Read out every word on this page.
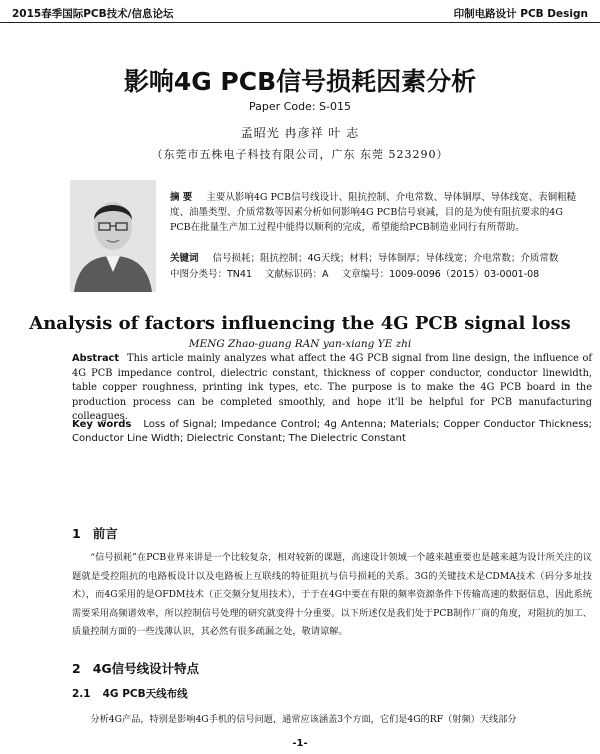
2015春季国际PCB技术/信息论坛	印制电路设计 PCB Design
影响4G PCB信号损耗因素分析
Paper Code: S-015
孟昭光 冉彦祥 叶 志
（东莞市五株电子科技有限公司，广东 东莞 523290）
摘 要 主要从影响4G PCB信号线设计、阻抗控制、介电常数、导体铜厚、导体线宽、表铜粗糙度、油墨类型、介质常数等因素分析如何影响4G PCB信号衰减，目的是为使有阻抗要求的4G PCB在批量生产加工过程中能得以顺利的完成，希望能给PCB制造业同行有所帮助。
关键词 信号损耗；阻抗控制；4G天线；材料；导体铜厚；导体线宽；介电常数；介质常数
中图分类号：TN41 文献标识码：A 文章编号：1009-0096（2015）03-0001-08
Analysis of factors influencing the 4G PCB signal loss
MENG Zhao-guang RAN yan-xiang YE zhi
Abstract This article mainly analyzes what affect the 4G PCB signal from line design, the influence of 4G PCB impedance control, dielectric constant, thickness of copper conductor, conductor linewidth, table copper roughness, printing ink types, etc. The purpose is to make the 4G PCB board in the production process can be completed smoothly, and hope it'll be helpful for PCB manufacturing colleagues.
Key words Loss of Signal; Impedance Control; 4g Antenna; Materials; Copper Conductor Thickness; Conductor Line Width; Dielectric Constant; The Dielectric Constant
1 前言
“信号损耗”在PCB业界来讲是一个比较复杂，相对较新的课题，高速设计领域一个越来越重要也是越来越为设计所关注的议题就是受控阻抗的电路板设计以及电路板上互联线的特征阻抗与信号损耗的关系。3G的关键技术是CDMA技术（码分多址技术），而4G采用的是OFDM技术（正交频分复用技术），于于在4G中要在有限的频率资源条件下传输高速的数据信息，因此系统需要采用高频谱效率，所以控制信号处理的研究就变得十分重要。以下所述仅是我们处于PCB制作厂商的角度，对阻抗的加工、质量控制方面的一些浅薄认识，其必然有很多疏漏之处，敬请谅解。
2 4G信号线设计特点
2.1 4G PCB天线布线
分析4G产品，特别是影响4G手机的信号问题，通常应该涵盖3个方面，它们是4G的RF（射频）天线部分
-1-
